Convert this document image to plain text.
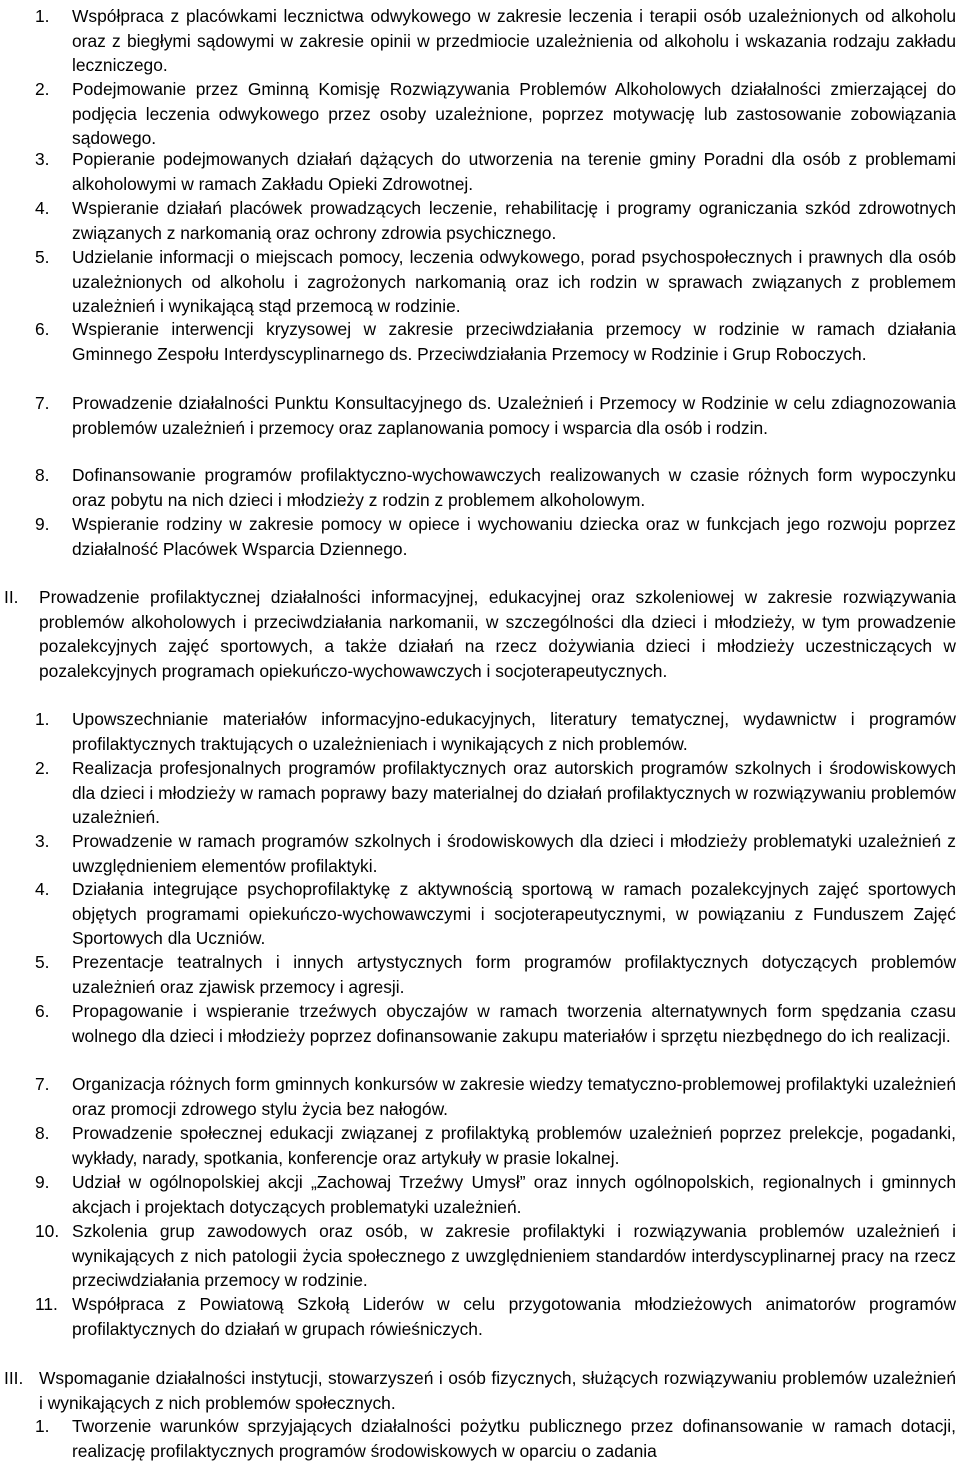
1. Współpraca z placówkami lecznictwa odwykowego w zakresie leczenia i terapii osób uzależnionych od alkoholu oraz z biegłymi sądowymi w zakresie opinii w przedmiocie uzależnienia od alkoholu i wskazania rodzaju zakładu leczniczego.
2. Podejmowanie przez Gminną Komisję Rozwiązywania Problemów Alkoholowych działalności zmierzającej do podjęcia leczenia odwykowego przez osoby uzależnione, poprzez motywację lub zastosowanie zobowiązania sądowego.
3. Popieranie podejmowanych działań dążących do utworzenia na terenie gminy Poradni dla osób z problemami alkoholowymi w ramach Zakładu Opieki Zdrowotnej.
4. Wspieranie działań placówek prowadzących leczenie, rehabilitację i programy ograniczania szkód zdrowotnych związanych z narkomanią oraz ochrony zdrowia psychicznego.
5. Udzielanie informacji o miejscach pomocy, leczenia odwykowego, porad psychospołecznych i prawnych dla osób uzależnionych od alkoholu i zagrożonych narkomanią oraz ich rodzin w sprawach związanych z problemem uzależnień i wynikającą stąd przemocą w rodzinie.
6. Wspieranie interwencji kryzysowej w zakresie przeciwdziałania przemocy w rodzinie w ramach działania Gminnego Zespołu Interdyscyplinarnego ds. Przeciwdziałania Przemocy w Rodzinie i Grup Roboczych.
7. Prowadzenie działalności Punktu Konsultacyjnego ds. Uzależnień i Przemocy w Rodzinie w celu zdiagnozowania problemów uzależnień i przemocy oraz zaplanowania pomocy i wsparcia dla osób i rodzin.
8. Dofinansowanie programów profilaktyczno-wychowawczych realizowanych w czasie różnych form wypoczynku oraz pobytu na nich dzieci i młodzieży z rodzin z problemem alkoholowym.
9. Wspieranie rodziny w zakresie pomocy w opiece i wychowaniu dziecka oraz w funkcjach jego rozwoju poprzez działalność Placówek Wsparcia Dziennego.
II. Prowadzenie profilaktycznej działalności informacyjnej, edukacyjnej oraz szkoleniowej w zakresie rozwiązywania problemów alkoholowych i przeciwdziałania narkomanii, w szczególności dla dzieci i młodzieży, w tym prowadzenie pozalekcyjnych zajęć sportowych, a także działań na rzecz dożywiania dzieci i młodzieży uczestniczących w pozalekcyjnych programach opiekuńczo-wychowawczych i socjoterapeutycznych.
1. Upowszechnianie materiałów informacyjno-edukacyjnych, literatury tematycznej, wydawnictw i programów profilaktycznych traktujących o uzależnieniach i wynikających z nich problemów.
2. Realizacja profesjonalnych programów profilaktycznych oraz autorskich programów szkolnych i środowiskowych dla dzieci i młodzieży w ramach poprawy bazy materialnej do działań profilaktycznych w rozwiązywaniu problemów uzależnień.
3. Prowadzenie w ramach programów szkolnych i środowiskowych dla dzieci i młodzieży problematyki uzależnień z uwzględnieniem elementów profilaktyki.
4. Działania integrujące psychoprofilaktykę z aktywnością sportową w ramach pozalekcyjnych zajęć sportowych objętych programami opiekuńczo-wychowawczymi i socjoterapeutycznymi, w powiązaniu z Funduszem Zajęć Sportowych dla Uczniów.
5. Prezentacje teatralnych i innych artystycznych form programów profilaktycznych dotyczących problemów uzależnień oraz zjawisk przemocy i agresji.
6. Propagowanie i wspieranie trzeźwych obyczajów w ramach tworzenia alternatywnych form spędzania czasu wolnego dla dzieci i młodzieży poprzez dofinansowanie zakupu materiałów i sprzętu niezbędnego do ich realizacji.
7. Organizacja różnych form gminnych konkursów w zakresie wiedzy tematyczno-problemowej profilaktyki uzależnień oraz promocji zdrowego stylu życia bez nałogów.
8. Prowadzenie społecznej edukacji związanej z profilaktyką problemów uzależnień poprzez prelekcje, pogadanki, wykłady, narady, spotkania, konferencje oraz artykuły w prasie lokalnej.
9. Udział w ogólnopolskiej akcji „Zachowaj Trzeźwy Umysł” oraz innych ogólnopolskich, regionalnych i gminnych akcjach i projektach dotyczących problematyki uzależnień.
10. Szkolenia grup zawodowych oraz osób, w zakresie profilaktyki i rozwiązywania problemów uzależnień i wynikających z nich patologii życia społecznego z uwzględnieniem standardów interdyscyplinarnej pracy na rzecz przeciwdziałania przemocy w rodzinie.
11. Współpraca z Powiatową Szkołą Liderów w celu przygotowania młodzieżowych animatorów programów profilaktycznych do działań w grupach rówieśniczych.
III. Wspomaganie działalności instytucji, stowarzyszeń i osób fizycznych, służących rozwiązywaniu problemów uzależnień i wynikających z nich problemów społecznych.
1. Tworzenie warunków sprzyjających działalności pożytku publicznego przez dofinansowanie w ramach dotacji, realizację profilaktycznych programów środowiskowych w oparciu o zadania
